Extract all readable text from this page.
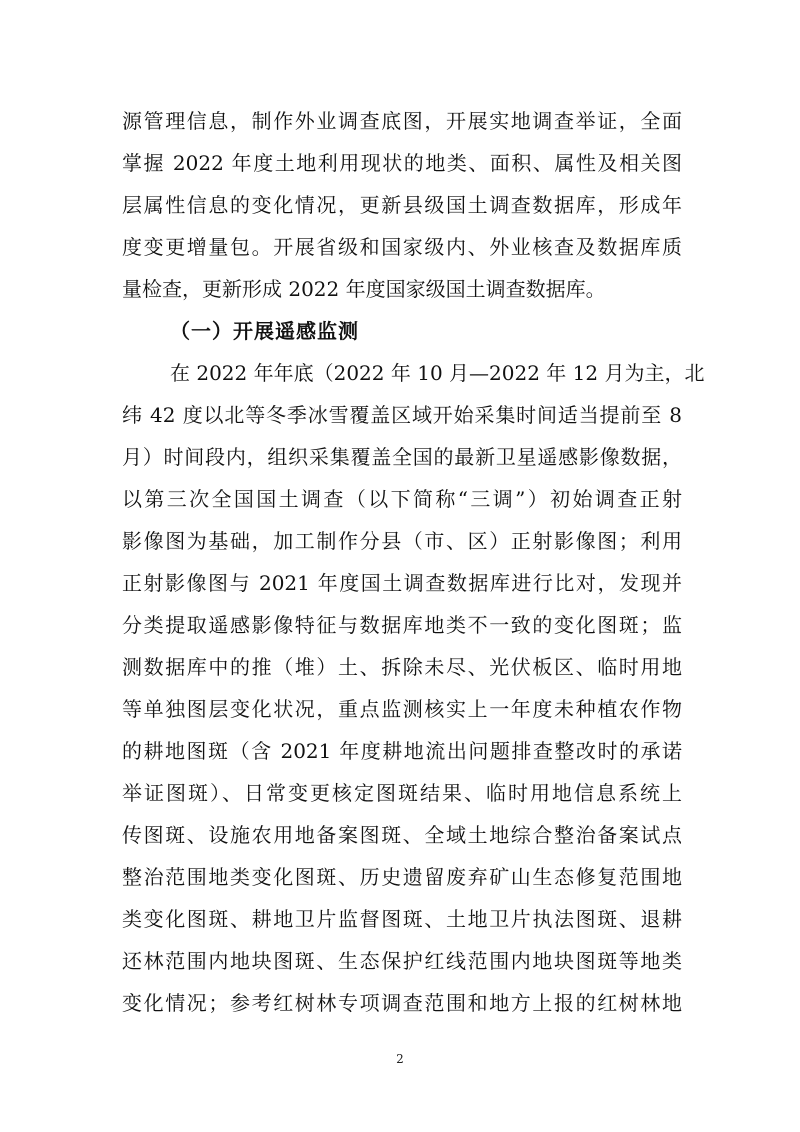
源管理信息，制作外业调查底图，开展实地调查举证，全面
掌握 2022 年度土地利用现状的地类、面积、属性及相关图
层属性信息的变化情况，更新县级国土调查数据库，形成年
度变更增量包。开展省级和国家级内、外业核查及数据库质
量检查，更新形成 2022 年度国家级国土调查数据库。
（一）开展遥感监测
在 2022 年年底（2022 年 10 月—2022 年 12 月为主，北
纬 42 度以北等冬季冰雪覆盖区域开始采集时间适当提前至 8
月）时间段内，组织采集覆盖全国的最新卫星遥感影像数据，
以第三次全国国土调查（以下简称“三调”）初始调查正射
影像图为基础，加工制作分县（市、区）正射影像图；利用
正射影像图与 2021 年度国土调查数据库进行比对，发现并
分类提取遥感影像特征与数据库地类不一致的变化图斑；监
测数据库中的推（堆）土、拆除未尽、光伏板区、临时用地
等单独图层变化状况，重点监测核实上一年度未种植农作物
的耕地图斑（含 2021 年度耕地流出问题排查整改时的承诺
举证图斑）、日常变更核定图斑结果、临时用地信息系统上
传图斑、设施农用地备案图斑、全域土地综合整治备案试点
整治范围地类变化图斑、历史遗留废弃矿山生态修复范围地
类变化图斑、耕地卫片监督图斑、土地卫片执法图斑、退耕
还林范围内地块图斑、生态保护红线范围内地块图斑等地类
变化情况；参考红树林专项调查范围和地方上报的红树林地
2
